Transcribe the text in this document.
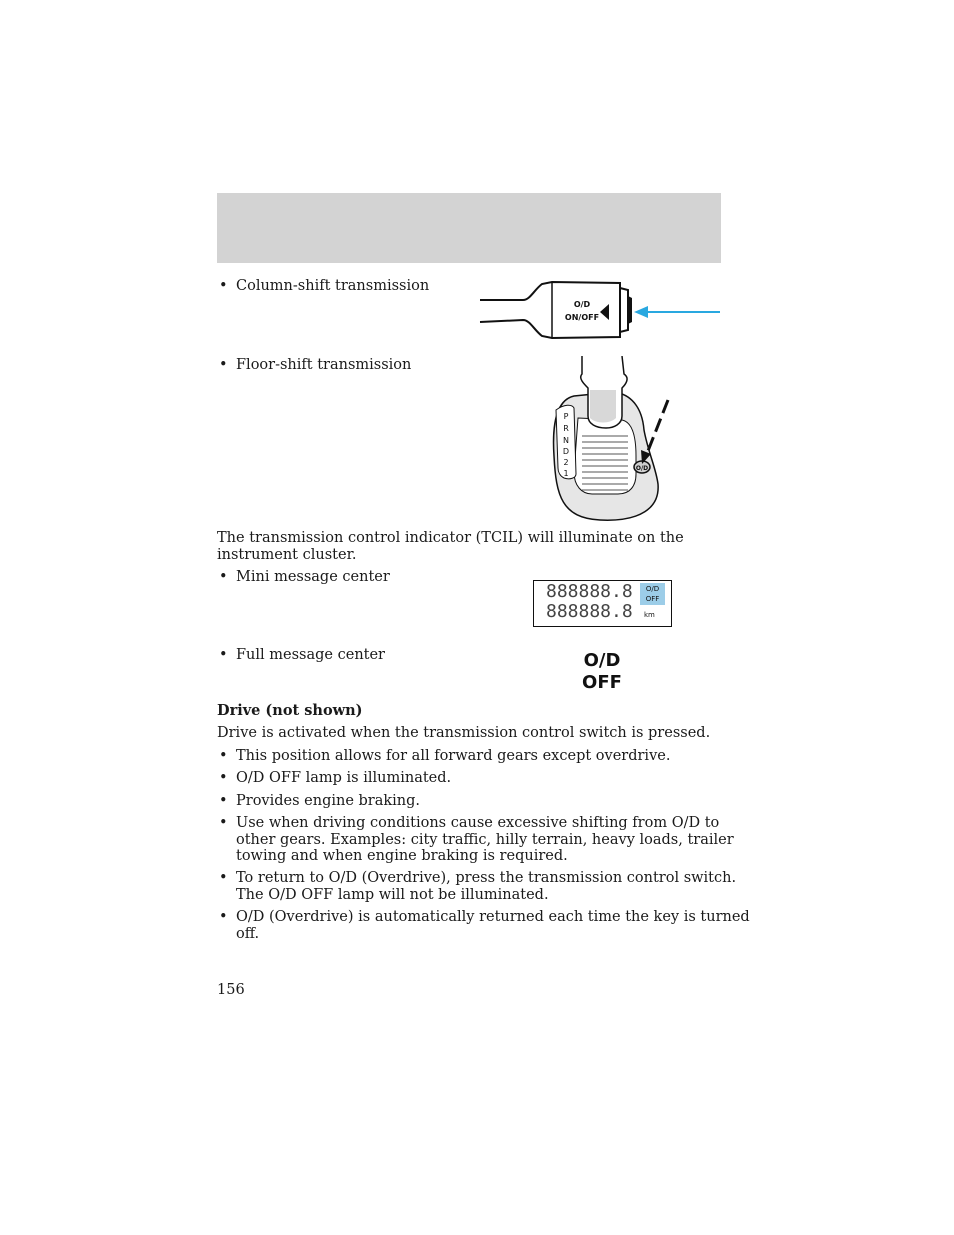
• Column-shift transmission
O/D
ON/OFF
• Floor-shift transmission
P
R
N
D
2
1
O/D
The transmission control indicator (TCIL) will illuminate on the
instrument cluster.
• Mini message center
888888.8
888888.8
O/D
OFF
km
• Full message center	O/D
OFF
Drive (not shown)
Drive is activated when the transmission control switch is pressed.
• This position allows for all forward gears except overdrive.
• O/D OFF lamp is illuminated.
• Provides engine braking.
• Use when driving conditions cause excessive shifting from O/D to
other gears. Examples: city traffic, hilly terrain, heavy loads, trailer
towing and when engine braking is required.
• To return to O/D (Overdrive), press the transmission control switch.
The O/D OFF lamp will not be illuminated.
• O/D (Overdrive) is automatically returned each time the key is turned
off.
156
